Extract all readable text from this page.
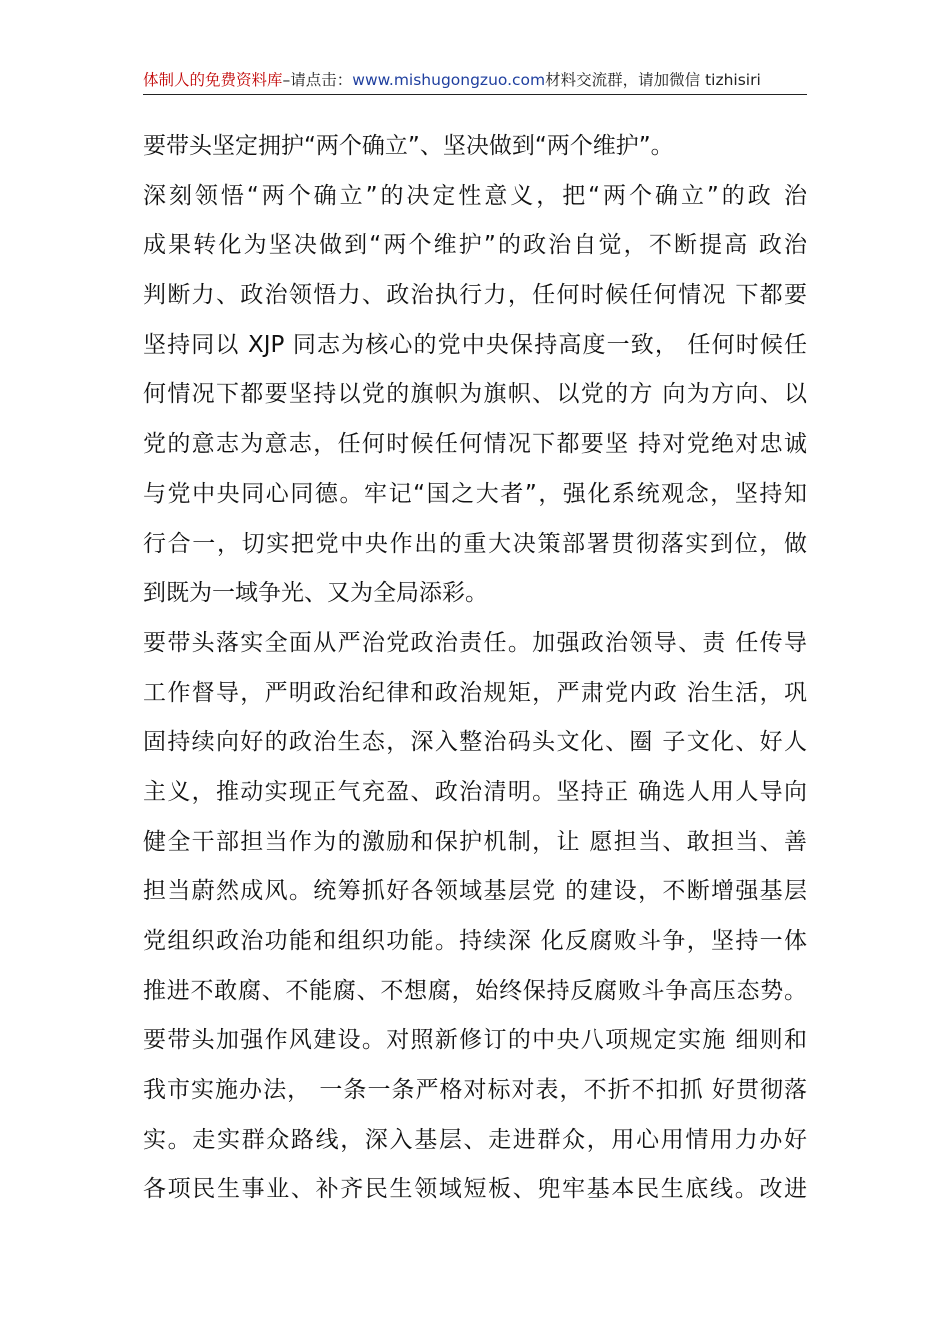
体制人的免费资料库–请点击：www.mishugongzuo.com材料交流群，请加微信 tizhisiri
要带头坚定拥护“两个确立”、坚决做到“两个维护”。
深刻领悟“两个确立”的决定性意义，把“两个确立”的政 治
成果转化为坚决做到“两个维护”的政治自觉，不断提高 政治
判断力、政治领悟力、政治执行力，任何时候任何情况 下都要
坚持同以 XJP 同志为核心的党中央保持高度一致， 任何时候任
何情况下都要坚持以党的旗帜为旗帜、以党的方 向为方向、以
党的意志为意志，任何时候任何情况下都要坚 持对党绝对忠诚
与党中央同心同德。牢记“国之大者”，强化系统观念，坚持知
行合一，切实把党中央作出的重大决策部署贯彻落实到位，做
到既为一域争光、又为全局添彩。
要带头落实全面从严治党政治责任。加强政治领导、责 任传导
工作督导，严明政治纪律和政治规矩，严肃党内政 治生活，巩
固持续向好的政治生态，深入整治码头文化、圈 子文化、好人
主义，推动实现正气充盈、政治清明。坚持正 确选人用人导向
健全干部担当作为的激励和保护机制，让 愿担当、敢担当、善
担当蔚然成风。统筹抓好各领域基层党 的建设，不断增强基层
党组织政治功能和组织功能。持续深 化反腐败斗争，坚持一体
推进不敢腐、不能腐、不想腐，始终保持反腐败斗争高压态势。
要带头加强作风建设。对照新修订的中央八项规定实施 细则和
我市实施办法， 一条一条严格对标对表，不折不扣抓 好贯彻落
实。走实群众路线，深入基层、走进群众，用心用情用力办好
各项民生事业、补齐民生领域短板、兜牢基本民生底线。改进
